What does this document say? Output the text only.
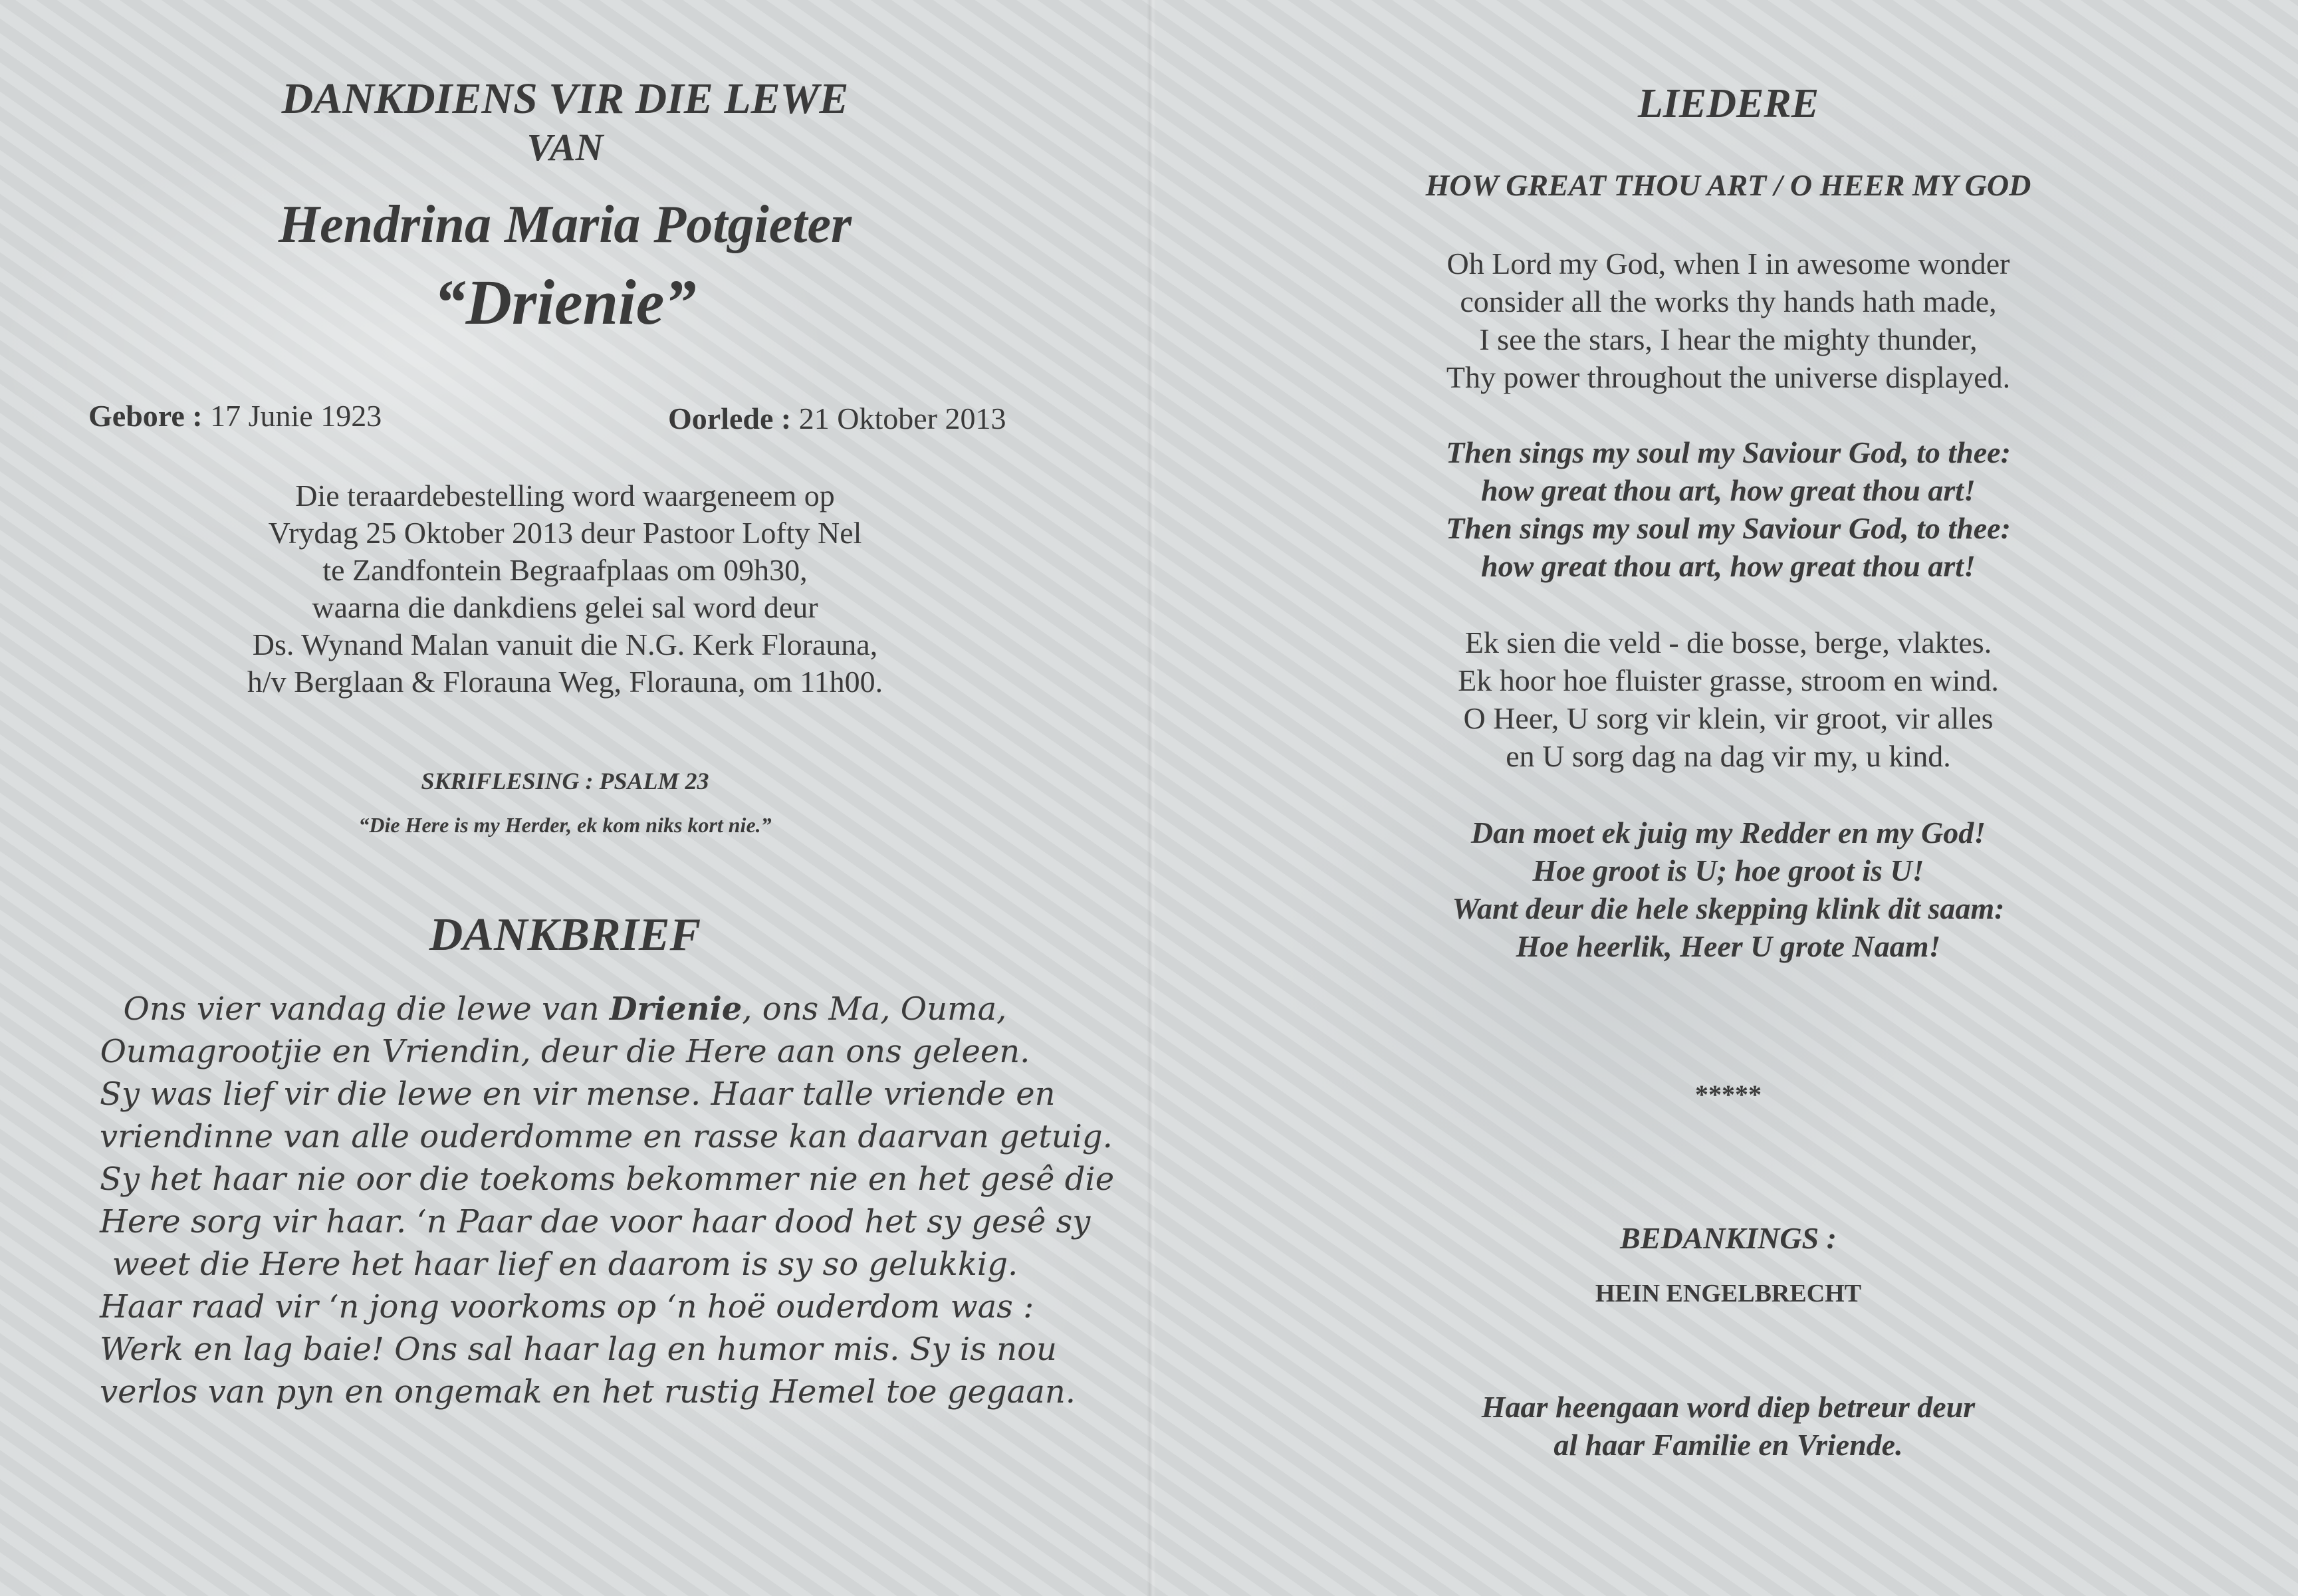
DANKDIENS VIR DIE LEWE
VAN
Hendrina Maria Potgieter
“Drienie”
Gebore : 17 Junie 1923	Oorlede : 21 Oktober 2013
Die teraardebestelling word waargeneem op
Vrydag 25 Oktober 2013 deur Pastoor Lofty Nel
te Zandfontein Begraafplaas om 09h30,
waarna die dankdiens gelei sal word deur
Ds. Wynand Malan vanuit die N.G. Kerk Florauna,
h/v Berglaan & Florauna Weg, Florauna, om 11h00.
SKRIFLESING : PSALM 23
“Die Here is my Herder, ek kom niks kort nie.”
DANKBRIEF
Ons vier vandag die lewe van Drienie, ons Ma, Ouma,
Oumagrootjie en Vriendin, deur die Here aan ons geleen.
Sy was lief vir die lewe en vir mense. Haar talle vriende en
vriendinne van alle ouderdomme en rasse kan daarvan getuig.
Sy het haar nie oor die toekoms bekommer nie en het gesê die
Here sorg vir haar. ‘n Paar dae voor haar dood het sy gesê sy
weet die Here het haar lief en daarom is sy so gelukkig.
Haar raad vir ‘n jong voorkoms op ‘n hoë ouderdom was :
Werk en lag baie! Ons sal haar lag en humor mis. Sy is nou
verlos van pyn en ongemak en het rustig Hemel toe gegaan.
LIEDERE
HOW GREAT THOU ART / O HEER MY GOD
Oh Lord my God, when I in awesome wonder
consider all the works thy hands hath made,
I see the stars, I hear the mighty thunder,
Thy power throughout the universe displayed.
Then sings my soul my Saviour God, to thee:
how great thou art, how great thou art!
Then sings my soul my Saviour God, to thee:
how great thou art, how great thou art!
Ek sien die veld - die bosse, berge, vlaktes.
Ek hoor hoe fluister grasse, stroom en wind.
O Heer, U sorg vir klein, vir groot, vir alles
en U sorg dag na dag vir my, u kind.
Dan moet ek juig my Redder en my God!
Hoe groot is U; hoe groot is U!
Want deur die hele skepping klink dit saam:
Hoe heerlik, Heer U grote Naam!
*****
BEDANKINGS :
HEIN ENGELBRECHT
Haar heengaan word diep betreur deur
al haar Familie en Vriende.
